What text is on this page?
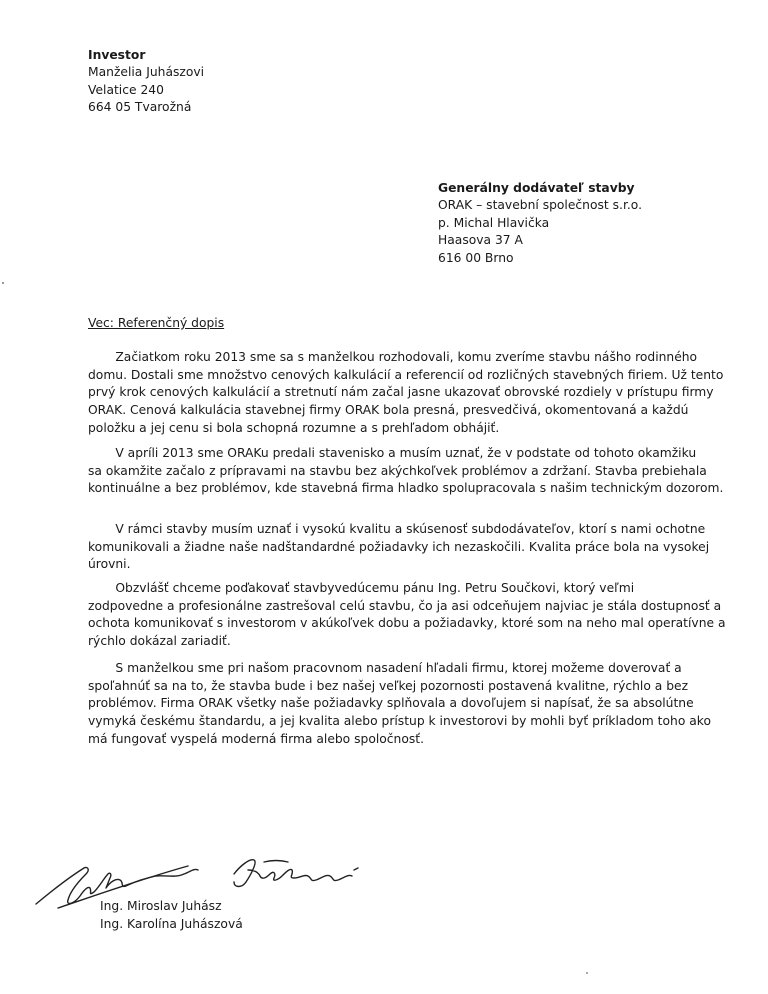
Investor
Manželia Juhászovi
Velatice 240
664 05 Tvarožná
Generálny dodávateľ stavby
ORAK – stavební společnost s.r.o.
p. Michal Hlavička
Haasova 37 A
616 00 Brno
Vec: Referenčný dopis
Začiatkom roku 2013 sme sa s manželkou rozhodovali, komu zveríme stavbu nášho rodinného
domu. Dostali sme množstvo cenových kalkulácií a referencií od rozličných stavebných firiem. Už tento
prvý krok cenových kalkulácií a stretnutí nám začal jasne ukazovať obrovské rozdiely v prístupu firmy
ORAK. Cenová kalkulácia stavebnej firmy ORAK bola presná, presvedčivá, okomentovaná a každú
položku a jej cenu si bola schopná rozumne a s prehľadom obhájiť.
V apríli 2013 sme ORAKu predali stavenisko a musím uznať, že v podstate od tohoto okamžiku
sa okamžite začalo z prípravami na stavbu bez akýchkoľvek problémov a zdržaní. Stavba prebiehala
kontinuálne a bez problémov, kde stavebná firma hladko spolupracovala s našim technickým dozorom.
V rámci stavby musím uznať i vysokú kvalitu a skúsenosť subdodávateľov, ktorí s nami ochotne
komunikovali a žiadne naše nadštandardné požiadavky ich nezaskočili. Kvalita práce bola na vysokej
úrovni.
Obzvlášť chceme poďakovať stavbyvedúcemu pánu Ing. Petru Součkovi, ktorý veľmi
zodpovedne a profesionálne zastrešoval celú stavbu, čo ja asi odceňujem najviac je stála dostupnosť a
ochota komunikovať s investorom v akúkoľvek dobu a požiadavky, ktoré som na neho mal operatívne a
rýchlo dokázal zariadiť.
S manželkou sme pri našom pracovnom nasadení hľadali firmu, ktorej možeme doverovať a
spoľahnúť sa na to, že stavba bude i bez našej veľkej pozornosti postavená kvalitne, rýchlo a bez
problémov. Firma ORAK všetky naše požiadavky splňovala a dovoľujem si napísať, že sa absolútne
vymyká českému štandardu, a jej kvalita alebo prístup k investorovi by mohli byť príkladom toho ako
má fungovať vyspelá moderná firma alebo spoločnosť.
Ing. Miroslav Juhász
Ing. Karolína Juhászová
